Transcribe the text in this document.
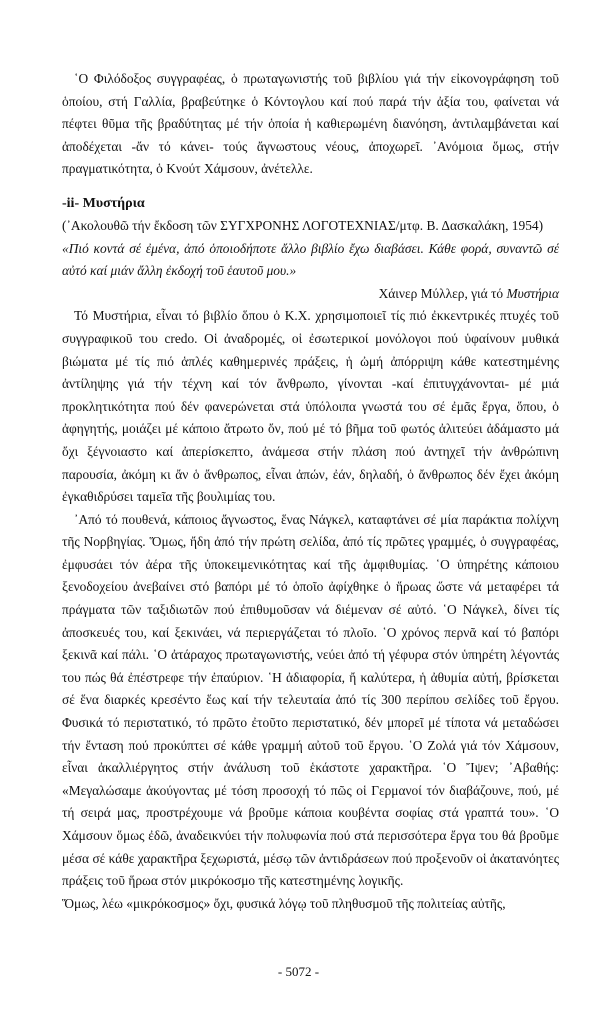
῾Ο Φιλόδοξος συγγραφέας, ὁ πρωταγωνιστής τοῦ βιβλίου γιά τήν εἰκονογράφηση τοῦ ὁποίου, στή Γαλλία, βραβεύτηκε ὁ Κόντογλου καί πού παρά τήν ἀξία του, φαίνεται νά πέφτει θῦμα τῆς βραδύτητας μέ τήν ὁποία ἡ καθιερωμένη διανόηση, ἀντιλαμβάνεται καί ἀποδέχεται -ἄν τό κάνει- τούς ἄγνωστους νέους, ἀποχωρεῖ. ᾿Ανόμοια ὅμως, στήν πραγματικότητα, ὁ Κνούτ Χάμσουν, ἀνέτελλε.

-ii- Μυστήρια

(᾿Ακολουθῶ τήν ἔκδοση τῶν ΣΥΓΧΡΟΝΗΣ ΛΟΓΟΤΕΧΝΙΑΣ/μτφ. Β. Δασκαλάκη, 1954)

«Πιό κοντά σέ ἐμένα, ἀπό ὁποιοδήποτε ἄλλο βιβλίο ἔχω διαβάσει. Κάθε φορά, συναντῶ σέ αὐτό καί μιάν ἄλλη ἐκδοχή τοῦ ἑαυτοῦ μου.»

Χάινερ Μύλλερ, γιά τό Μυστήρια

Τό Μυστήρια, εἶναι τό βιβλίο ὅπου ὁ Κ.Χ. χρησιμοποιεῖ τίς πιό ἐκκεντρικές πτυχές τοῦ συγγραφικοῦ του credo. Οἱ ἀναδρομές, οἱ ἐσωτερικοί μονόλογοι πού ὑφαίνουν μυθικά βιώματα μέ τίς πιό ἁπλές καθημερινές πράξεις, ἡ ὠμή ἀπόρριψη κάθε κατεστημένης ἀντίληψης γιά τήν τέχνη καί τόν ἄνθρωπο, γίνονται -καί ἐπιτυγχάνονται- μέ μιά προκλητικότητα πού δέν φανερώνεται στά ὑπόλοιπα γνωστά του σέ ἐμᾶς ἔργα, ὅπου, ὁ ἀφηγητής, μοιάζει μέ κάποιο ἄτρωτο ὄν, πού μέ τό βῆμα τοῦ φωτός ἀλιτεύει ἀδάμαστο μά ὄχι ξέγνοιαστο καί ἀπερίσκεπτο, ἀνάμεσα στήν πλάση πού ἀντηχεῖ τήν ἀνθρώπινη παρουσία, ἀκόμη κι ἄν ὁ ἄνθρωπος, εἶναι ἀπών, ἐάν, δηλαδή, ὁ ἄνθρωπος δέν ἔχει ἀκόμη ἐγκαθιδρύσει ταμεῖα τῆς βουλιμίας του.

᾿Από τό πουθενά, κάποιος ἄγνωστος, ἕνας Νάγκελ, καταφτάνει σέ μία παράκτια πολίχνη τῆς Νορβηγίας. Ὅμως, ἤδη ἀπό τήν πρώτη σελίδα, ἀπό τίς πρῶτες γραμμές, ὁ συγγραφέας, ἐμφυσάει τόν ἀέρα τῆς ὑποκειμενικότητας καί τῆς ἀμφιθυμίας. ῾Ο ὑπηρέτης κάποιου ξενοδοχείου ἀνεβαίνει στό βαπόρι μέ τό ὁποῖο ἀφίχθηκε ὁ ἥρωας ὥστε νά μεταφέρει τά πράγματα τῶν ταξιδιωτῶν πού ἐπιθυμοῦσαν νά διέμεναν σέ αὐτό. ῾Ο Νάγκελ, δίνει τίς ἀποσκευές του, καί ξεκινάει, νά περιεργάζεται τό πλοῖο. ῾Ο χρόνος περνᾶ καί τό βαπόρι ξεκινᾶ καί πάλι. ῾Ο ἀτάραχος πρωταγωνιστής, νεύει ἀπό τή γέφυρα στόν ὑπηρέτη λέγοντάς του πώς θά ἐπέστρεφε τήν ἐπαύριον. ῾Η ἀδιαφορία, ἤ καλύτερα, ἡ ἀθυμία αὐτή, βρίσκεται σέ ἕνα διαρκές κρεσέντο ἕως καί τήν τελευταία ἀπό τίς 300 περίπου σελίδες τοῦ ἔργου. Φυσικά τό περιστατικό, τό πρῶτο ἐτοῦτο περιστατικό, δέν μπορεῖ μέ τίποτα νά μεταδώσει τήν ἔνταση πού προκύπτει σέ κάθε γραμμή αὐτοῦ τοῦ ἔργου. ῾Ο Ζολά γιά τόν Χάμσουν, εἶναι ἀκαλλιέργητος στήν ἀνάλυση τοῦ ἑκάστοτε χαρακτῆρα. ῾Ο Ἴψεν; ᾿Αβαθής: «Μεγαλώσαμε ἀκούγοντας μέ τόση προσοχή τό πῶς οἱ Γερμανοί τόν διαβάζουνε, πού, μέ τή σειρά μας, προστρέχουμε νά βροῦμε κάποια κουβέντα σοφίας στά γραπτά του». ῾Ο Χάμσουν ὅμως ἐδῶ, ἀναδεικνύει τήν πολυφωνία πού στά περισσότερα ἔργα του θά βροῦμε μέσα σέ κάθε χαρακτῆρα ξεχωριστά, μέσῳ τῶν ἀντιδράσεων πού προξενοῦν οἱ ἀκατανόητες πράξεις τοῦ ἥρωα στόν μικρόκοσμο τῆς κατεστημένης λογικῆς.

Ὅμως, λέω «μικρόκοσμος» ὄχι, φυσικά λόγῳ τοῦ πληθυσμοῦ τῆς πολιτείας αὐτῆς,

- 5072 -
